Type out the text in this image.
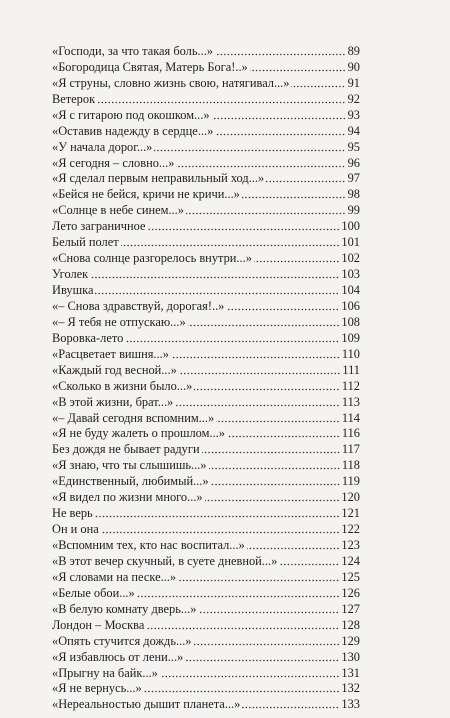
«Господи, за что такая боль...»	89
«Богородица Святая, Матерь Бога!..»	90
«Я струны, словно жизнь свою, натягивал...»	91
Ветерок	92
«Я с гитарою под окошком...»	93
«Оставив надежду в сердце...»	94
«У начала дорог...»	95
«Я сегодня – словно...»	96
«Я сделал первым неправильный ход...»	97
«Бейся не бейся, кричи не кричи...»	98
«Солнце в небе синем...»	99
Лето заграничное	100
Белый полет	101
«Снова солнце разгорелось внутри...»	102
Уголек	103
Ивушка	104
«– Снова здравствуй, дорогая!..»	106
«– Я тебя не отпускаю...»	108
Воровка-лето	109
«Расцветает вишня...»	110
«Каждый год весной...»	111
«Сколько в жизни было...»	112
«В этой жизни, брат...»	113
«– Давай сегодня вспомним...»	114
«Я не буду жалеть о прошлом...»	116
Без дождя не бывает радуги	117
«Я знаю, что ты слышишь...»	118
«Единственный, любимый...»	119
«Я видел по жизни много...»	120
Не верь	121
Он и она	122
«Вспомним тех, кто нас воспитал...»	123
«В этот вечер скучный, в суете дневной...»	124
«Я словами на песке...»	125
«Белые обои...»	126
«В белую комнату дверь...»	127
Лондон – Москва	128
«Опять стучится дождь...»	129
«Я избавлюсь от лени...»	130
«Прыгну на байк...»	131
«Я не вернусь...»	132
«Нереальностью дышит планета...»	133
